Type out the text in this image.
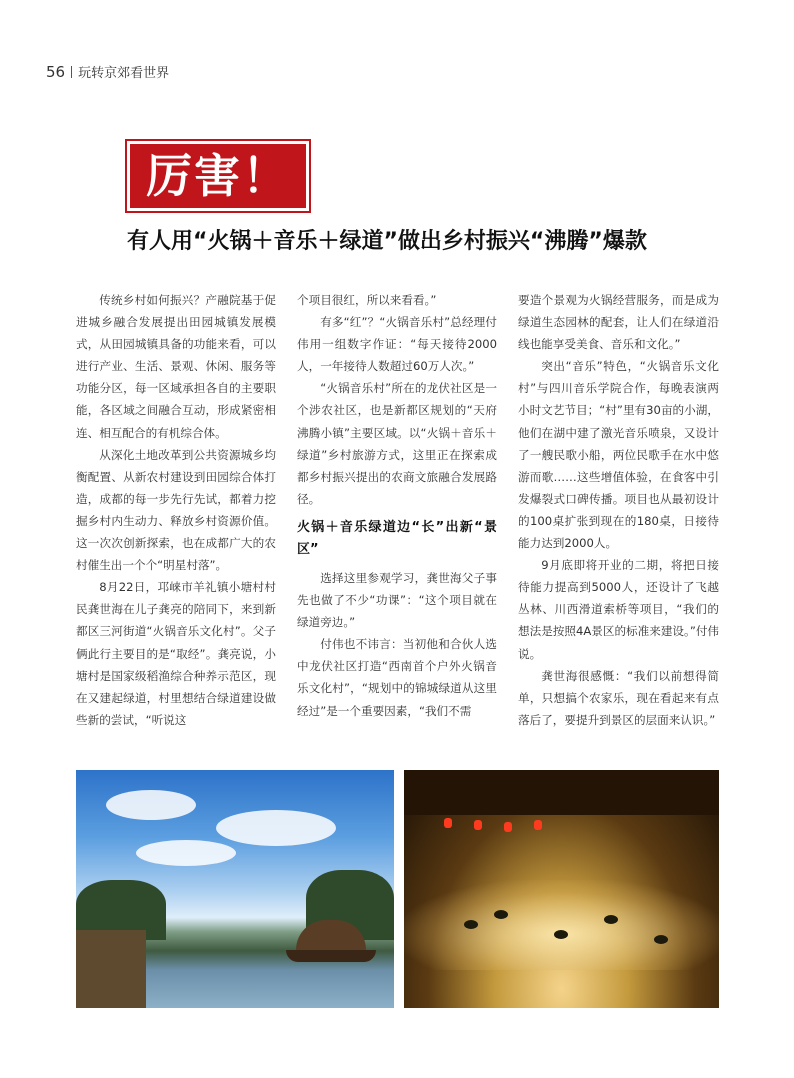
56 玩转京郊看世界
厉害！
有人用“火锅＋音乐＋绿道”做出乡村振兴“沸腾”爆款

传统乡村如何振兴？产融院基于促进城乡融合发展提出田园城镇发展模式，从田园城镇具备的功能来看，可以进行产业、生活、景观、休闲、服务等功能分区，每一区域承担各自的主要职能，各区域之间融合互动，形成紧密相连、相互配合的有机综合体。

从深化土地改革到公共资源城乡均衡配置、从新农村建设到田园综合体打造，成都的每一步先行先试，都着力挖掘乡村内生动力、释放乡村资源价值。这一次次创新探索，也在成都广大的农村催生出一个个“明星村落”。

8月22日，邛崃市羊礼镇小塘村村民龚世海在儿子龚亮的陪同下，来到新都区三河街道“火锅音乐文化村”。父子俩此行主要目的是“取经”。龚亮说，小塘村是国家级稻渔综合种养示范区，现在又建起绿道，村里想结合绿道建设做些新的尝试，“听说这

个项目很红，所以来看看。”

有多“红”？“火锅音乐村”总经理付伟用一组数字作证：“每天接待2000人，一年接待人数超过60万人次。”

“火锅音乐村”所在的龙伏社区是一个涉农社区，也是新都区规划的“天府沸腾小镇”主要区域。以“火锅＋音乐＋绿道”乡村旅游方式，这里正在探索成都乡村振兴提出的农商文旅融合发展路径。

火锅＋音乐绿道边“长”出新“景区”

选择这里参观学习，龚世海父子事先也做了不少“功课”：“这个项目就在绿道旁边。”

付伟也不讳言：当初他和合伙人选中龙伏社区打造“西南首个户外火锅音乐文化村”，“规划中的锦城绿道从这里经过”是一个重要因素，“我们不需

要造个景观为火锅经营服务，而是成为绿道生态园林的配套，让人们在绿道沿线也能享受美食、音乐和文化。”

突出“音乐”特色，“火锅音乐文化村”与四川音乐学院合作，每晚表演两小时文艺节目；“村”里有30亩的小湖，他们在湖中建了激光音乐喷泉，又设计了一艘民歌小船，两位民歌手在水中悠游而歌……这些增值体验，在食客中引发爆裂式口碑传播。项目也从最初设计的100桌扩张到现在的180桌，日接待能力达到2000人。

9月底即将开业的二期，将把日接待能力提高到5000人，还设计了飞越丛林、川西滑道索桥等项目，“我们的想法是按照4A景区的标准来建设。”付伟说。

龚世海很感慨：“我们以前想得简单，只想搞个农家乐，现在看起来有点落后了，要提升到景区的层面来认识。”
